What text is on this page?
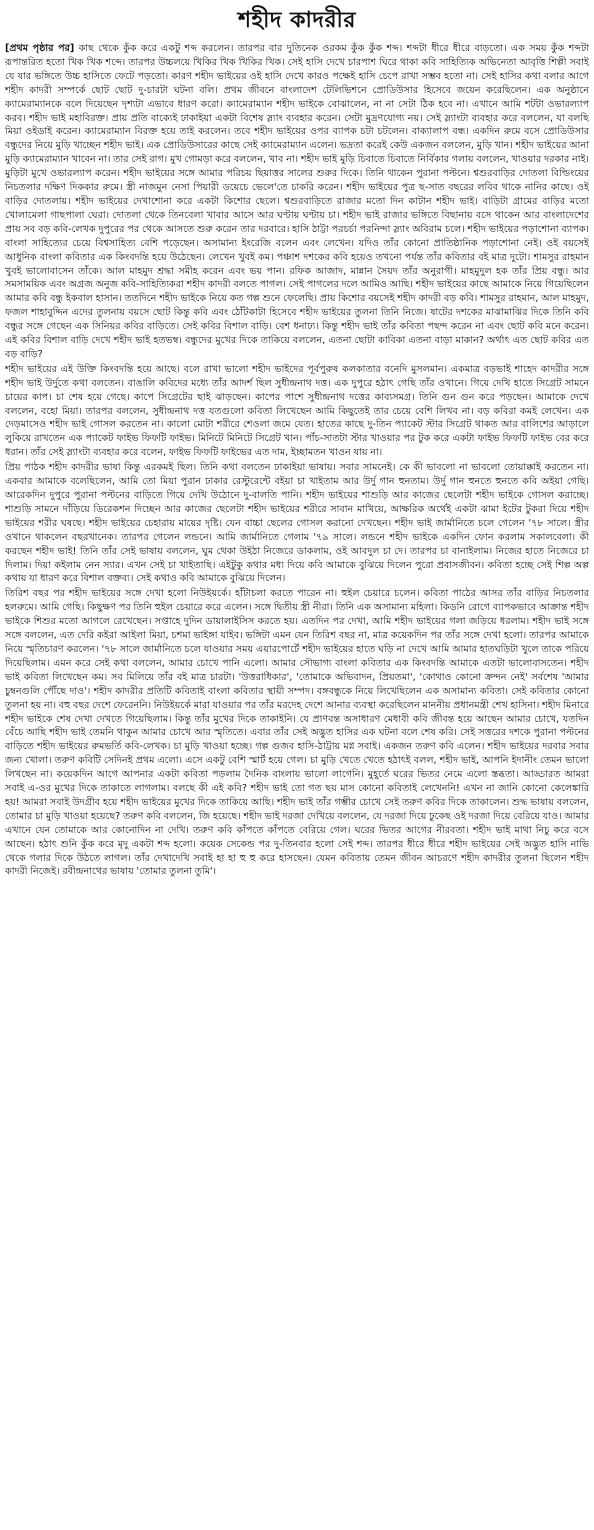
শহীদ কাদরীর

[প্রথম পৃষ্ঠার পর] কাছ থেকে কুঁক করে একটু শব্দ করলেন। তারপর বার দুতিনেক ওরকম কুঁক কুঁক শব্দ। শব্দটা ধীরে ধীরে বাড়তো। এক সময় কুঁক শব্দটা রূপান্তরিত হতো খিক খিক শব্দে। তারপর উচ্চলয়ে খিকির খিক খিকির খিক। সেই হাসি দেখে চারপাশ ঘিরে থাকা কবি সাহিত্যিক অভিনেতা আবৃত্তি শিল্পী সবাই যে যার ভঙ্গিতে উচ্চ হাসিতে ফেটে পড়তো। কারণ শহীদ ভাইয়ের ওই হাসি দেখে কারও পক্ষেই হাসি চেপে রাখা সম্ভব হতো না। সেই হাসির কথা বলার আগে শহীদ কাদরী সম্পর্কে ছোট ছোট দু-চারটা ঘটনা বলি। প্রথম জীবনে বাংলাদেশ টেলিভিশনে প্রোডিউসার হিসেবে জয়েন করেছিলেন। এক অনুষ্ঠানে ক্যামেরাম্যানকে বলে দিয়েছেন দৃশ্যটা এভাবে ধারণ করো। ক্যামেরাম্যান শহীদ ভাইকে বোঝালেন, না না সেটা ঠিক হবে না। এখানে আমি শটটা ওভারল্যাপ করব। শহীদ ভাই মহাবিরক্ত। প্রায় প্রতি বাক্যেই ঢাকাইয়া একটা বিশেষ স্ল্যাং ব্যবহার করেন। সেটা মুদ্রণযোগ্য নয়। সেই স্ল্যাংটা ব্যবহার করে বললেন, যা বলছি মিয়া ওইডাই করেন। ক্যামেরাম্যান বিরক্ত হয়ে তাই করলেন। তবে শহীদ ভাইয়ের ওপর ব্যাপক চটা চটলেন। বাক্যালাপ বন্ধ। একদিন রুমে বসে প্রোডিউসার বন্ধুদের নিয়ে মুড়ি খাচ্ছেন শহীদ ভাই। এক প্রোডিউসারের কাছে সেই ক্যামেরাম্যান এলেন। ভদ্রতা করেই কেউ একজন বললেন, মুড়ি খান। শহীদ ভাইয়ের আনা মুড়ি ক্যামেরাম্যান খাবেন না। তার সেই রাগ। মুখ গোমড়া করে বললেন, খাব না। শহীদ ভাই মুড়ি চিবাতে চিবাতে নির্বিকার গলায় বললেন, খাওয়ার দরকার নাই। মুড়িটা মুখে ওভারল্যাপ করেন। শহীদ ভাইয়ের সঙ্গে আমার পরিচয় ছিয়াত্তর সালের শুরুর দিকে। তিনি থাকেন পুরানা পল্টনে। শ্বশুরবাড়ির দোতলা বিল্ডিংয়ের নিচতলার দক্ষিণ দিককার রুমে। স্ত্রী নাজমুন নেসা পিয়ারী ডয়েচে ভেলে'তে চাকরি করেন। শহীদ ভাইয়ের পুত্র ছ-সাত বছরের লবিব থাকে নানির কাছে। ওই বাড়ির দোতলায়। শহীদ ভাইয়ের দেখাশোনা করে একটা কিশোর ছেলে। শ্বশুরবাড়িতে রাজার মতো দিন কাটান শহীদ ভাই। বাড়িটা গ্রামের বাড়ির মতো খোলামেলা গাছপালা ঘেরা। দোতলা থেকে তিনবেলা খাবার আসে আর ঘণ্টায় ঘণ্টায় চা। শহীদ ভাই রাজার ভঙ্গিতে বিছানায় বসে থাকেন আর বাংলাদেশের প্রায় সব বড় কবি-লেখক দুপুরের পর থেকে আসতে শুরু করেন তার দরবারে। হাসি ঠাট্টা পরচর্চা পরনিন্দা স্ল্যাং অবিরাম চলে। শহীদ ভাইয়ের পড়াশোনা ব্যাপক। বাংলা সাহিত্যের চেয়ে বিশ্বসাহিত্য বেশি পড়েছেন। অসামান্য ইংরেজি বলেন এবং লেখেন। যদিও তাঁর কোনো প্রাতিষ্ঠানিক পড়াশোনা নেই। ওই বয়সেই আধুনিক বাংলা কবিতার এক কিংবদন্তি হয়ে উঠেছেন। লেখেন খুবই কম। পঞ্চাশ দশকের কবি হয়েও তখনো পর্যন্ত তাঁর কবিতার বই মাত্র দুটো। শামসুর রাহমান খুবই ভালোবাসেন তাঁকে। আল মাহমুদ শ্রদ্ধা সমীহ করেন এবং ভয় পান। রফিক আজাদ, মান্নান সৈয়দ তাঁর অনুরাগী। মাহমুদুল হক তাঁর প্রিয় বন্ধু। আর সমসাময়িক এবং অগ্রজ অনুজ কবি-সাহিত্যিকরা শহীদ কাদরী বলতে পাগল। সেই পাগলের দলে আমিও আছি। শহীদ ভাইয়ের কাছে আমাকে নিয়ে গিয়েছিলেন আমার কবি বন্ধু ইকবাল হাসান। ততদিনে শহীদ ভাইকে নিয়ে কত গল্প শুনে ফেলেছি। প্রায় কিশোর বয়সেই শহীদ কাদরী বড় কবি। শামসুর রাহমান, আল মাহমুদ, ফজল শাহাবুদ্দিন এদের তুলনায় বয়সে ছোট কিন্তু কবি এবং ঠোঁটকাটা হিসেবে শহীদ ভাইয়ের তুলনা তিনি নিজে। ষাটের দশকের মাঝামাঝির দিকে তিনি কবি বন্ধুর সঙ্গে গেছেন এক সিনিয়র কবির বাড়িতে। সেই কবির বিশাল বাড়ি। বেশ ধনাঢ্য। কিন্তু শহীদ ভাই তাঁর কবিতা পছন্দ করেন না এবং ছোট কবি মনে করেন। এই কবির বিশাল বাড়ি দেখে শহীদ ভাই হতভম্ব। বন্ধুদের মুখের দিকে তাকিয়ে বললেন, এতনা ছোটা কাবিকা এতনা বাড়া মাকান? অর্থাৎ এত ছোট কবির এত বড় বাড়ি?

শহীদ ভাইয়ের এই উক্তি কিংবদন্তি হয়ে আছে। বলে রাখা ভালো শহীদ ভাইদের পূর্বপুরুষ কলকাতার বনেদি মুসলমান। একমাত্র বড়ভাই শাহেদ কাদরীর সঙ্গে শহীদ ভাই উর্দুতে কথা বলতেন। বাঙালি কবিদের মধ্যে তাঁর আদর্শ ছিল সুধীন্দ্রনাথ দত্ত। এক দুপুরে হঠাৎ গেছি তাঁর ওখানে। গিয়ে দেখি হাতে সিগ্রেট সামনে চায়ের কাপ। চা শেষ হয়ে গেছে। কাপে সিগ্রেটের ছাই ঝাড়ছেন। কাপের পাশে সুধীন্দ্রনাথ দত্তের কাব্যসমগ্র। তিনি গুন গুন করে পড়ছেন। আমাকে দেখে বললেন, বহো মিয়া। তারপর বললেন, সুধীন্দ্রনাথ দত্ত যতগুলো কবিতা লিখেছেন আমি কিছুতেই তার চেয়ে বেশি লিখব না। বড় কবিরা কমই লেখেন। এক দেড়মাসেও শহীদ ভাই গোসল করতেন না। কালো মোটা শরীরে শেওলা জমে যেত। হাতের কাছে দু-তিন প্যাকেট স্টার সিগ্রেট থাকত আর বালিশের আড়ালে লুকিয়ে রাখতেন এক প্যাকেট ফাইভ ফিফটি ফাইভ। মিনিটে মিনিটে সিগ্রেট খান। পাঁচ-সাতটা স্টার খাওয়ার পর টুক করে একটা ফাইভ ফিফটি ফাইভ বের করে ধরান। তাঁর সেই স্ল্যাংটা ব্যবহার করে বলেন, ফাইভ ফিফটি ফাইভের এত দাম, ইচ্ছামতন খাওন যায় না।

প্রিয় পাঠক শহীদ কাদরীর ভাষা কিন্তু এরকমই ছিল। তিনি কথা বলতেন ঢাকাইয়া ভাষায়। সবার সামনেই। কে কী ভাবলো না ভাবলো তোয়াক্কাই করতেন না। একবার আমাকে বলেছিলেন, আমি তো মিয়া পুরান ঢাকার রেস্টুরেন্টে বইয়া চা খাইতাম আর উর্দু গান হুনতাম। উর্দু গান হুনতে হুনতে কবি অইয়া গেছি। আরেকদিন দুপুরে পুরানা পল্টনের বাড়িতে গিয়ে দেখি উঠোনে দু-বালতি পানি। শহীদ ভাইয়ের শাশুড়ি আর কাজের ছেলেটা শহীদ ভাইকে গোসল করাচ্ছে। শাশুড়ি সামনে দাঁড়িয়ে ডিরেকশন দিচ্ছেন আর কাজের ছেলেটা শহীদ ভাইয়ের শরীরে সাবান মাখিয়ে, আক্ষরিক অর্থেই একটা ঝামা ইটের টুকরা দিয়ে শহীদ ভাইয়ের শরীর ঘষছে। শহীদ ভাইয়ের চেহারায় মায়ের দৃষ্টি। যেন বাচ্চা ছেলের গোসল করানো দেখছেন। শহীদ ভাই জার্মানিতে চলে গেলেন '৭৮ সালে। স্ত্রীর ওখানে থাকলেন বছরখানেক। তারপর গেলেন লন্ডনে। আমি জার্মানিতে গেলাম '৭৯ সালে। লন্ডনে শহীদ ভাইকে একদিন ফোন করলাম সকালবেলা। কী করছেন শহীদ ভাই! তিনি তাঁর সেই ভাষায় বললেন, ঘুম থেকা উইঠা নিজেরে ডাকলাম, ওই আবদুল চা দে। তারপর চা বানাইলাম। নিজের হাতে নিজেরে চা দিলাম। দিয়া কইলাম নেন স্যার। এখন সেই চা খাইতাছি। এইটুকু কথার মধ্য দিয়ে কবি আমাকে বুঝিয়ে দিলেন পুরো প্রবাসজীবন। কবিতা হচ্ছে সেই শিল্প অল্প কথায় যা ধারণ করে বিশাল বক্তব্য। সেই কথাও কবি আমাকে বুঝিয়ে দিলেন।

তিরিশ বছর পর শহীদ ভাইয়ের সঙ্গে দেখা হলো নিউইয়র্কে। হাঁটাচলা করতে পারেন না। হুইল চেয়ারে চলেন। কবিতা পাঠের আসর তাঁর বাড়ির নিচতলার হলরুমে। আমি গেছি। কিছুক্ষণ পর তিনি হুইল চেয়ারে করে এলেন। সঙ্গে দ্বিতীয় স্ত্রী নীরা। তিনি এক অসামান্য মহিলা। কিডনি রোগে ব্যাপকভাবে আক্রান্ত শহীদ ভাইকে শিশুর মতো আগলে রেখেছেন। সপ্তাহে দুদিন ডায়ালাইসিস করতে হয়। এতদিন পর দেখা, আমি শহীদ ভাইয়ের গলা জড়িয়ে ধরলাম। শহীদ ভাই সঙ্গে সঙ্গে বললেন, এত দেরি কইরা আইলা মিয়া, চশমা ভাইঙ্গা যাইব। ভঙ্গিটা এমন যেন তিরিশ বছর না, মাত্র কয়েকদিন পর তাঁর সঙ্গে দেখা হলো। তারপর আমাকে নিয়ে স্মৃতিচারণ করলেন। '৭৮ সালে জার্মানিতে চলে যাওয়ার সময় এয়ারপোর্টে শহীদ ভাইয়ের হাতে ঘড়ি না দেখে আমি আমার হাতঘড়িটা খুলে তাকে পরিয়ে দিয়েছিলাম। এমন করে সেই কথা বললেন, আমার চোখে পানি এলো। আমার সৌভাগ্য বাংলা কবিতার এক কিংবদন্তি আমাকে এতটা ভালোবাসতেন। শহীদ ভাই কবিতা লিখেছেন কম। সব মিলিয়ে তাঁর বই মাত্র চারটা। 'উত্তরাধিকার', 'তোমাকে অভিবাদন, প্রিয়তমা', 'কোথাও কোনো ক্রন্দন নেই' সর্বশেষ 'আমার চুম্বনগুলি পৌঁছে দাও'। শহীদ কাদরীর প্রতিটি কবিতাই বাংলা কবিতার স্থায়ী সম্পদ। বঙ্গবন্ধুকে নিয়ে লিখেছিলেন এক অসামান্য কবিতা। সেই কবিতার কোনো তুলনা হয় না। বহু বছর দেশে ফেরেননি। নিউইয়র্কে মারা যাওয়ার পর তাঁর মরদেহ দেশে আনার ব্যবস্থা করেছিলেন মাননীয় প্রধানমন্ত্রী শেখ হাসিনা। শহীদ মিনারে শহীদ ভাইকে শেষ দেখা দেখতে গিয়েছিলাম। কিন্তু তাঁর মুখের দিকে তাকাইনি। যে প্রাণবন্ত অসাধারণ মেধাবী কবি জীবন্ত হয়ে আছেন আমার চোখে, যতদিন বেঁচে আছি শহীদ ভাই তেমনি থাকুন আমার চোখে আর স্মৃতিতে। এবার তাঁর সেই অদ্ভুত হাসির এক ঘটনা বলে শেষ করি। সেই সত্তরের দশকে পুরানা পল্টনের বাড়িতে শহীদ ভাইয়ের রুমভর্তি কবি-লেখক। চা মুড়ি খাওয়া হচ্ছে। গল্প গুজব হাসি-ঠাট্টায় মগ্ন সবাই। একজন তরুণ কবি এলেন। শহীদ ভাইয়ের দরবার সবার জন্য খোলা। তরুণ কবিটি সেদিনই প্রথম এলো। এসে একটু বেশি স্মার্ট হয়ে গেল। চা মুড়ি খেতে খেতে হঠাৎই বলল, শহীদ ভাই, আপনি ইদানীং তেমন ভালো লিখছেন না। কয়েকদিন আগে আপনার একটা কবিতা পড়লাম দৈনিক বাংলায় ভালো লাগেনি। মুহূর্তে ঘরের ভিতর নেমে এলো স্তব্ধতা। আড্ডারত আমরা সবাই এ-ওর মুখের দিকে তাকাতে লাগলাম। বলছে কী এই কবি? শহীদ ভাই তো গত ছয় মাস কোনো কবিতাই লেখেননি! এখন না জানি কোনো কেলেঙ্কারি হয়! আমরা সবাই উদগ্রীব হয়ে শহীদ ভাইয়ের মুখের দিকে তাকিয়ে আছি। শহীদ ভাই তাঁর গম্ভীর চোখে সেই তরুণ কবির দিকে তাকালেন। শুদ্ধ ভাষায় বললেন, তোমার চা মুড়ি খাওয়া হয়েছে? তরুণ কবি বললেন, জি হয়েছে। শহীদ ভাই দরজা দেখিয়ে বললেন, যে দরজা দিয়ে ঢুকেছ ওই দরজা দিয়ে বেরিয়ে যাও। আমার এখানে যেন তোমাকে আর কোনোদিন না দেখি। তরুণ কবি কাঁপতে কাঁপতে বেরিয়ে গেল। ঘরের ভিতর আগের নীরবতা। শহীদ ভাই মাথা নিচু করে বসে আছেন। হঠাৎ শুনি কুঁক করে মৃদু একটা শব্দ হলো। কয়েক সেকেন্ড পর দু-তিনবার হলো সেই শব্দ। তারপর ধীরে ধীরে শহীদ ভাইয়ের সেই অদ্ভুত হাসি নাভি থেকে গলার দিকে উঠতে লাগল। তাঁর দেখাদেখি সবাই হা হা হু হু করে হাসছেন। যেমন কবিতায় তেমন জীবন আচরণে শহীদ কাদরীর তুলনা ছিলেন শহীদ কাদরী নিজেই। রবীন্দ্রনাথের ভাষায় 'তোমার তুলনা তুমি'।
